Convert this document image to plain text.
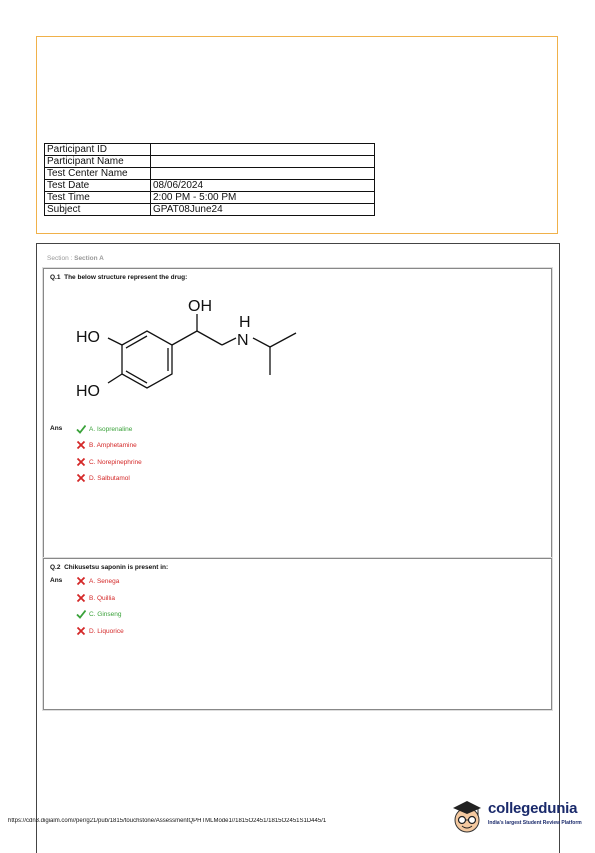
Participant ID	
Participant Name	
Test Center Name	
Test Date	08/06/2024
Test Time	2:00 PM - 5:00 PM
Subject	GPAT08June24
Section : Section A
Q.1 The below structure represent the drug:
HO
HO
OH
H
N
Ans	A. Isoprenaline
B. Amphetamine
C. Norepinephrine
D. Salbutamol
Q.2 Chikusetsu saponin is present in:
Ans	A. Senega
B. Quillia
C. Ginseng
D. Liquorice
https://cdn3.digialm.com//per/g21/pub/1815/touchstone/AssessmentQPHTMLMode1//1815O2451/1815O2451S1D445/1
collegedunia
India's largest Student Review Platform
